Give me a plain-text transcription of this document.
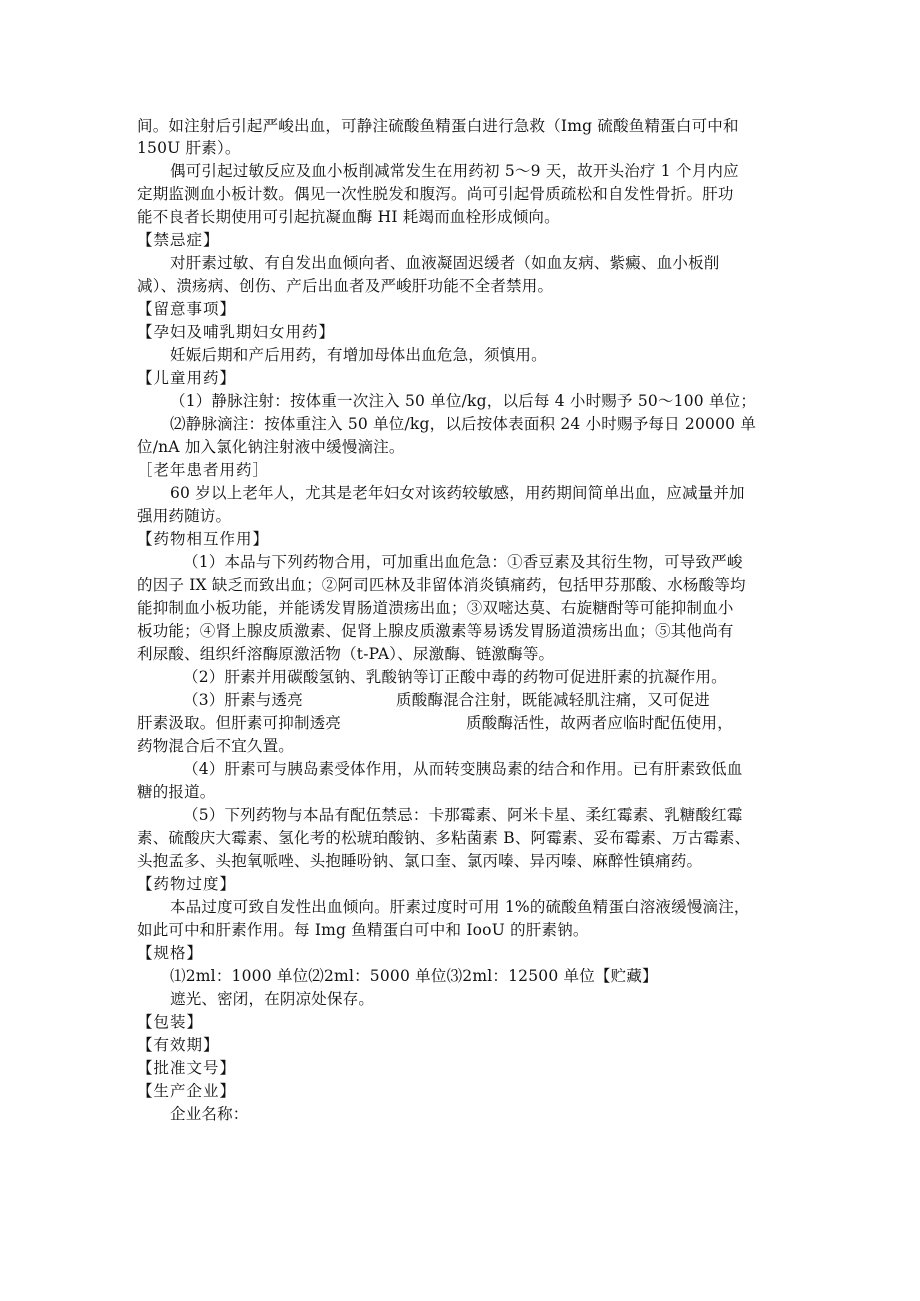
间。如注射后引起严峻出血，可静注硫酸鱼精蛋白进行急救（Img 硫酸鱼精蛋白可中和

150U 肝素）。

偶可引起过敏反应及血小板削减常发生在用药初 5～9 天，故开头治疗 1 个月内应

定期监测血小板计数。偶见一次性脱发和腹泻。尚可引起骨质疏松和自发性骨折。肝功

能不良者长期使用可引起抗凝血酶 HI 耗竭而血栓形成倾向。

【禁忌症】

对肝素过敏、有自发出血倾向者、血液凝固迟缓者（如血友病、紫癜、血小板削

减）、溃疡病、创伤、产后出血者及严峻肝功能不全者禁用。

【留意事项】

【孕妇及哺乳期妇女用药】

妊娠后期和产后用药，有增加母体出血危急，须慎用。

【儿童用药】

（1）静脉注射：按体重一次注入 50 单位/kg，以后每 4 小时赐予 50～100 单位；

⑵静脉滴注：按体重注入 50 单位/kg，以后按体表面积 24 小时赐予每日 20000 单

位/nA 加入氯化钠注射液中缓慢滴注。

［老年患者用药］

60 岁以上老年人，尤其是老年妇女对该药较敏感，用药期间简单出血，应减量并加

强用药随访。

【药物相互作用】

（1）本品与下列药物合用，可加重出血危急：①香豆素及其衍生物，可导致严峻

的因子 IX 缺乏而致出血；②阿司匹林及非留体消炎镇痛药，包括甲芬那酸、水杨酸等均

能抑制血小板功能，并能诱发胃肠道溃疡出血；③双嘧达莫、右旋糖酎等可能抑制血小

板功能；④肾上腺皮质激素、促肾上腺皮质激素等易诱发胃肠道溃疡出血；⑤其他尚有

利尿酸、组织纤溶酶原激活物（t-PA）、尿激酶、链激酶等。

（2）肝素并用碳酸氢钠、乳酸钠等订正酸中毒的药物可促进肝素的抗凝作用。

（3）肝素与透亮	质酸酶混合注射，既能减轻肌注痛，又可促进

肝素汲取。但肝素可抑制透亮	质酸酶活性，故两者应临时配伍使用，

药物混合后不宜久置。

（4）肝素可与胰岛素受体作用，从而转变胰岛素的结合和作用。已有肝素致低血

糖的报道。

（5）下列药物与本品有配伍禁忌：卡那霉素、阿米卡星、柔红霉素、乳糖酸红霉

素、硫酸庆大霉素、氢化考的松琥珀酸钠、多粘菌素 B、阿霉素、妥布霉素、万古霉素、

头抱孟多、头抱氧哌唑、头抱睡吩钠、氯口奎、氯丙嗪、异丙嗪、麻醉性镇痛药。

【药物过度】

本品过度可致自发性出血倾向。肝素过度时可用 1%的硫酸鱼精蛋白溶液缓慢滴注，

如此可中和肝素作用。每 Img 鱼精蛋白可中和 IooU 的肝素钠。

【规格】

⑴2ml：1000 单位⑵2ml：5000 单位⑶2ml：12500 单位【贮藏】

遮光、密闭，在阴凉处保存。

【包装】

【有效期】

【批准文号】

【生产企业】

企业名称：
